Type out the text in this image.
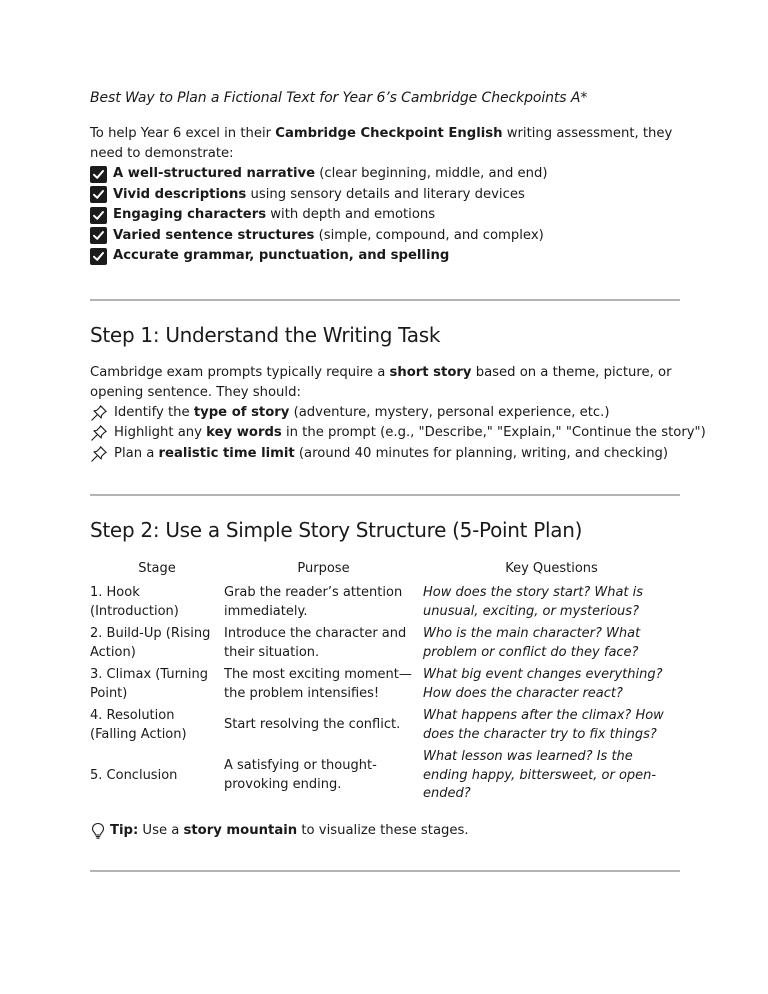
Best Way to Plan a Fictional Text for Year 6’s Cambridge Checkpoints A*

To help Year 6 excel in their Cambridge Checkpoint English writing assessment, they need to demonstrate:

A well-structured narrative (clear beginning, middle, and end)
Vivid descriptions using sensory details and literary devices
Engaging characters with depth and emotions
Varied sentence structures (simple, compound, and complex)
Accurate grammar, punctuation, and spelling
Step 1: Understand the Writing Task

Cambridge exam prompts typically require a short story based on a theme, picture, or opening sentence. They should:

Identify the type of story (adventure, mystery, personal experience, etc.)
Highlight any key words in the prompt (e.g., "Describe," "Explain," "Continue the story")
Plan a realistic time limit (around 40 minutes for planning, writing, and checking)
Step 2: Use a Simple Story Structure (5-Point Plan)
Stage	Purpose	Key Questions
1. Hook (Introduction)	Grab the reader’s attention immediately.	How does the story start? What is unusual, exciting, or mysterious?
2. Build-Up (Rising Action)	Introduce the character and their situation.	Who is the main character? What problem or conflict do they face?
3. Climax (Turning Point)	The most exciting moment—the problem intensifies!	What big event changes everything? How does the character react?
4. Resolution (Falling Action)	Start resolving the conflict.	What happens after the climax? How does the character try to fix things?
5. Conclusion	A satisfying or thought-provoking ending.	What lesson was learned? Is the ending happy, bittersweet, or open-ended?
Tip: Use a story mountain to visualize these stages.
